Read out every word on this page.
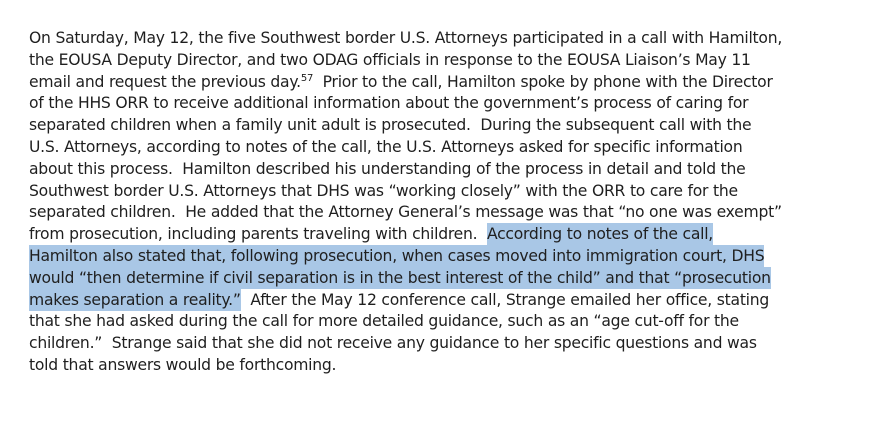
On Saturday, May 12, the five Southwest border U.S. Attorneys participated in a call with Hamilton,
the EOUSA Deputy Director, and two ODAG officials in response to the EOUSA Liaison’s May 11
email and request the previous day.$^{57}$  Prior to the call, Hamilton spoke by phone with the Director
of the HHS ORR to receive additional information about the government’s process of caring for
separated children when a family unit adult is prosecuted.  During the subsequent call with the
U.S. Attorneys, according to notes of the call, the U.S. Attorneys asked for specific information
about this process.  Hamilton described his understanding of the process in detail and told the
Southwest border U.S. Attorneys that DHS was “working closely” with the ORR to care for the
separated children.  He added that the Attorney General’s message was that “no one was exempt”
from prosecution, including parents traveling with children.  According to notes of the call,
Hamilton also stated that, following prosecution, when cases moved into immigration court, DHS
would “then determine if civil separation is in the best interest of the child” and that “prosecution
makes separation a reality.”  After the May 12 conference call, Strange emailed her office, stating
that she had asked during the call for more detailed guidance, such as an “age cut-off for the
children.”  Strange said that she did not receive any guidance to her specific questions and was
told that answers would be forthcoming.
